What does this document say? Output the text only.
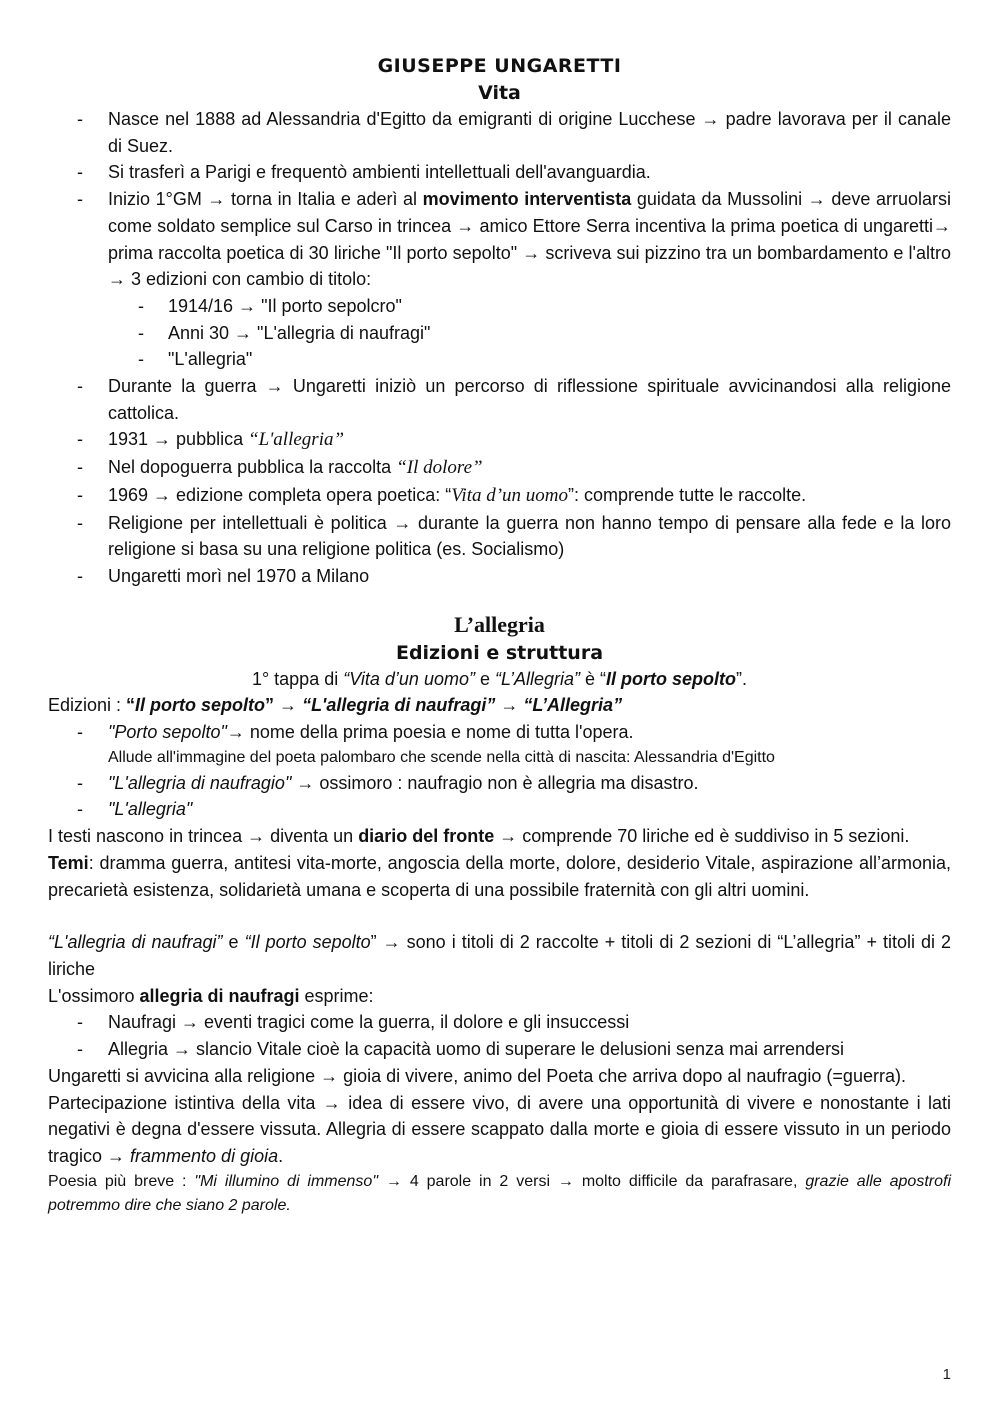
GIUSEPPE UNGARETTI

Vita

- Nasce nel 1888 ad Alessandria d'Egitto da emigranti di origine Lucchese → padre lavorava per il canale di Suez.
- Si trasferì a Parigi e frequentò ambienti intellettuali dell'avanguardia.
- Inizio 1°GM → torna in Italia e aderì al movimento interventista guidata da Mussolini → deve arruolarsi come soldato semplice sul Carso in trincea → amico Ettore Serra incentiva la prima poetica di ungaretti→ prima raccolta poetica di 30 liriche "Il porto sepolto" → scriveva sui pizzino tra un bombardamento e l'altro → 3 edizioni con cambio di titolo:
- 1914/16 → "Il porto sepolcro"
- Anni 30 → "L'allegria di naufragi"
- "L'allegria"
- Durante la guerra → Ungaretti iniziò un percorso di riflessione spirituale avvicinandosi alla religione cattolica.
- 1931 → pubblica “L'allegria”
- Nel dopoguerra pubblica la raccolta “Il dolore”
- 1969 → edizione completa opera poetica: “Vita d’un uomo”: comprende tutte le raccolte.
- Religione per intellettuali è politica → durante la guerra non hanno tempo di pensare alla fede e la loro religione si basa su una religione politica (es. Socialismo)
- Ungaretti morì nel 1970 a Milano

L’allegria

Edizioni e struttura

1° tappa di “Vita d’un uomo” e “L’Allegria” è “Il porto sepolto”.

Edizioni : “Il porto sepolto” → “L'allegria di naufragi” → “L’Allegria”

- "Porto sepolto"→ nome della prima poesia e nome di tutta l'opera.

Allude all'immagine del poeta palombaro che scende nella città di nascita: Alessandria d'Egitto

- "L'allegria di naufragio" → ossimoro : naufragio non è allegria ma disastro.
- "L'allegria"

I testi nascono in trincea → diventa un diario del fronte → comprende 70 liriche ed è suddiviso in 5 sezioni.

Temi: dramma guerra, antitesi vita-morte, angoscia della morte, dolore, desiderio Vitale, aspirazione all’armonia, precarietà esistenza, solidarietà umana e scoperta di una possibile fraternità con gli altri uomini.

“L'allegria di naufragi” e “Il porto sepolto” → sono i titoli di 2 raccolte + titoli di 2 sezioni di “L’allegria” + titoli di 2 liriche

L'ossimoro allegria di naufragi esprime:

- Naufragi → eventi tragici come la guerra, il dolore e gli insuccessi
- Allegria → slancio Vitale cioè la capacità uomo di superare le delusioni senza mai arrendersi

Ungaretti si avvicina alla religione → gioia di vivere, animo del Poeta che arriva dopo al naufragio (=guerra).

Partecipazione istintiva della vita → idea di essere vivo, di avere una opportunità di vivere e nonostante i lati negativi è degna d'essere vissuta. Allegria di essere scappato dalla morte e gioia di essere vissuto in un periodo tragico → frammento di gioia.

Poesia più breve : "Mi illumino di immenso" → 4 parole in 2 versi → molto difficile da parafrasare, grazie alle apostrofi potremmo dire che siano 2 parole.

1
